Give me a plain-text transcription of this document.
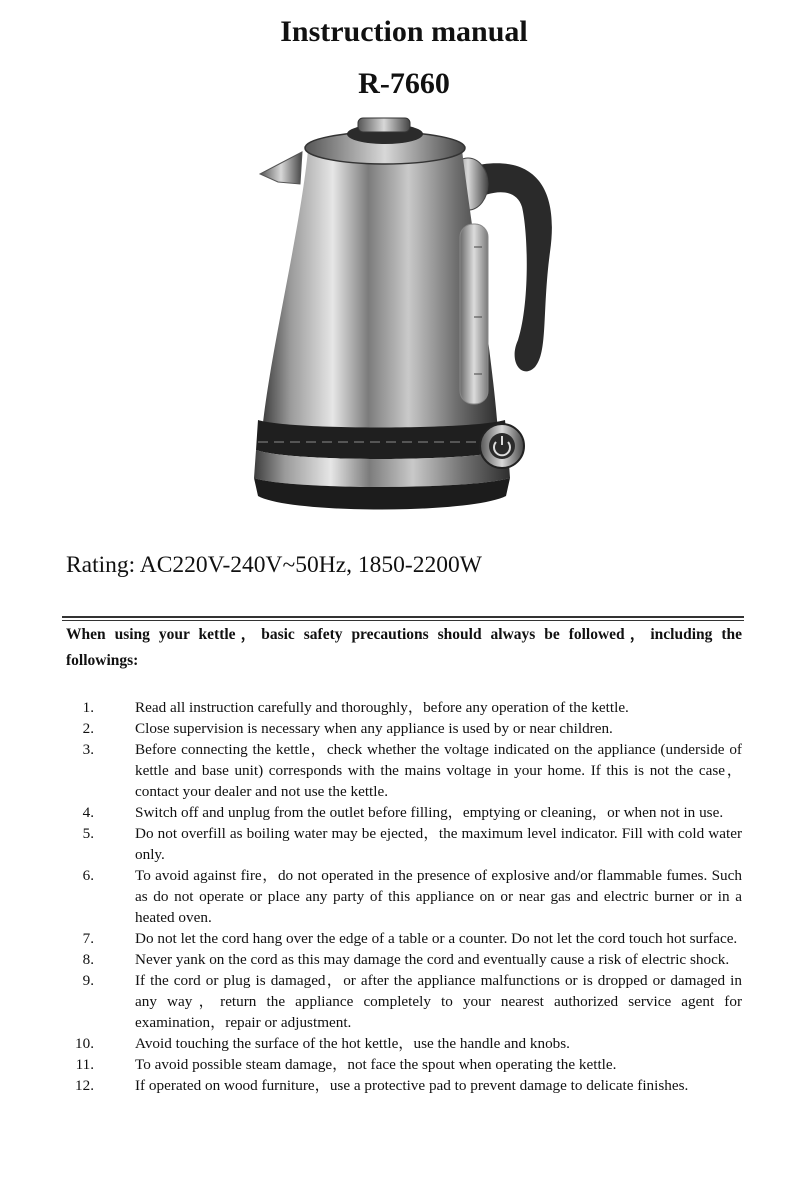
Instruction manual
R-7660

Rating: AC220V-240V~50Hz, 1850-2200W

When using your kettle，basic safety precautions should always be followed，including the followings:

1.	Read all instruction carefully and thoroughly，before any operation of the kettle.
2.	Close supervision is necessary when any appliance is used by or near children.
3.	Before connecting the kettle，check whether the voltage indicated on the appliance (underside of kettle and base unit) corresponds with the mains voltage in your home. If this is not the case，contact your dealer and not use the kettle.
4.	Switch off and unplug from the outlet before filling，emptying or cleaning，or when not in use.
5.	Do not overfill as boiling water may be ejected，the maximum level indicator. Fill with cold water only.
6.	To avoid against fire，do not operated in the presence of explosive and/or flammable fumes. Such as do not operate or place any party of this appliance on or near gas and electric burner or in a heated oven.
7.	Do not let the cord hang over the edge of a table or a counter. Do not let the cord touch hot surface.
8.	Never yank on the cord as this may damage the cord and eventually cause a risk of electric shock.
9.	If the cord or plug is damaged，or after the appliance malfunctions or is dropped or damaged in any way，return the appliance completely to your nearest authorized service agent for examination，repair or adjustment.
10.	Avoid touching the surface of the hot kettle，use the handle and knobs.
11.	To avoid possible steam damage，not face the spout when operating the kettle.
12.	If operated on wood furniture，use a protective pad to prevent damage to delicate finishes.
